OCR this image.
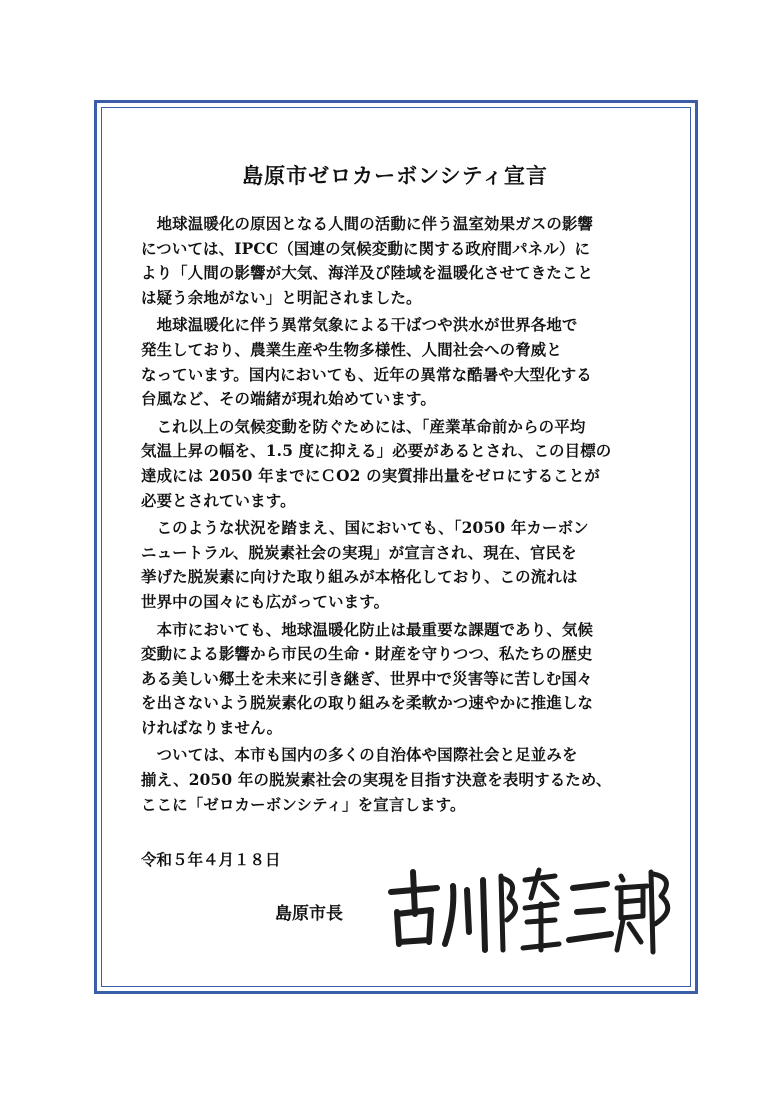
島原市ゼロカーボンシティ宣言

　地球温暖化の原因となる人間の活動に伴う温室効果ガスの影響
については、IPCC（国連の気候変動に関する政府間パネル）に
より「人間の影響が大気、海洋及び陸域を温暖化させてきたこと
は疑う余地がない」と明記されました。

　地球温暖化に伴う異常気象による干ばつや洪水が世界各地で
発生しており、農業生産や生物多様性、人間社会への脅威と
なっています。国内においても、近年の異常な酷暑や大型化する
台風など、その端緒が現れ始めています。

　これ以上の気候変動を防ぐためには、「産業革命前からの平均
気温上昇の幅を、1.5 度に抑える」必要があるとされ、この目標の
達成には 2050 年までにＣO2 の実質排出量をゼロにすることが
必要とされています。

　このような状況を踏まえ、国においても、「2050 年カーボン
ニュートラル、脱炭素社会の実現」が宣言され、現在、官民を
挙げた脱炭素に向けた取り組みが本格化しており、この流れは
世界中の国々にも広がっています。

　本市においても、地球温暖化防止は最重要な課題であり、気候
変動による影響から市民の生命・財産を守りつつ、私たちの歴史
ある美しい郷土を未来に引き継ぎ、世界中で災害等に苦しむ国々
を出さないよう脱炭素化の取り組みを柔軟かつ速やかに推進しな
ければなりません。

　ついては、本市も国内の多くの自治体や国際社会と足並みを
揃え、2050 年の脱炭素社会の実現を目指す決意を表明するため、
ここに「ゼロカーボンシティ」を宣言します。

令和５年４月１８日
島原市長
